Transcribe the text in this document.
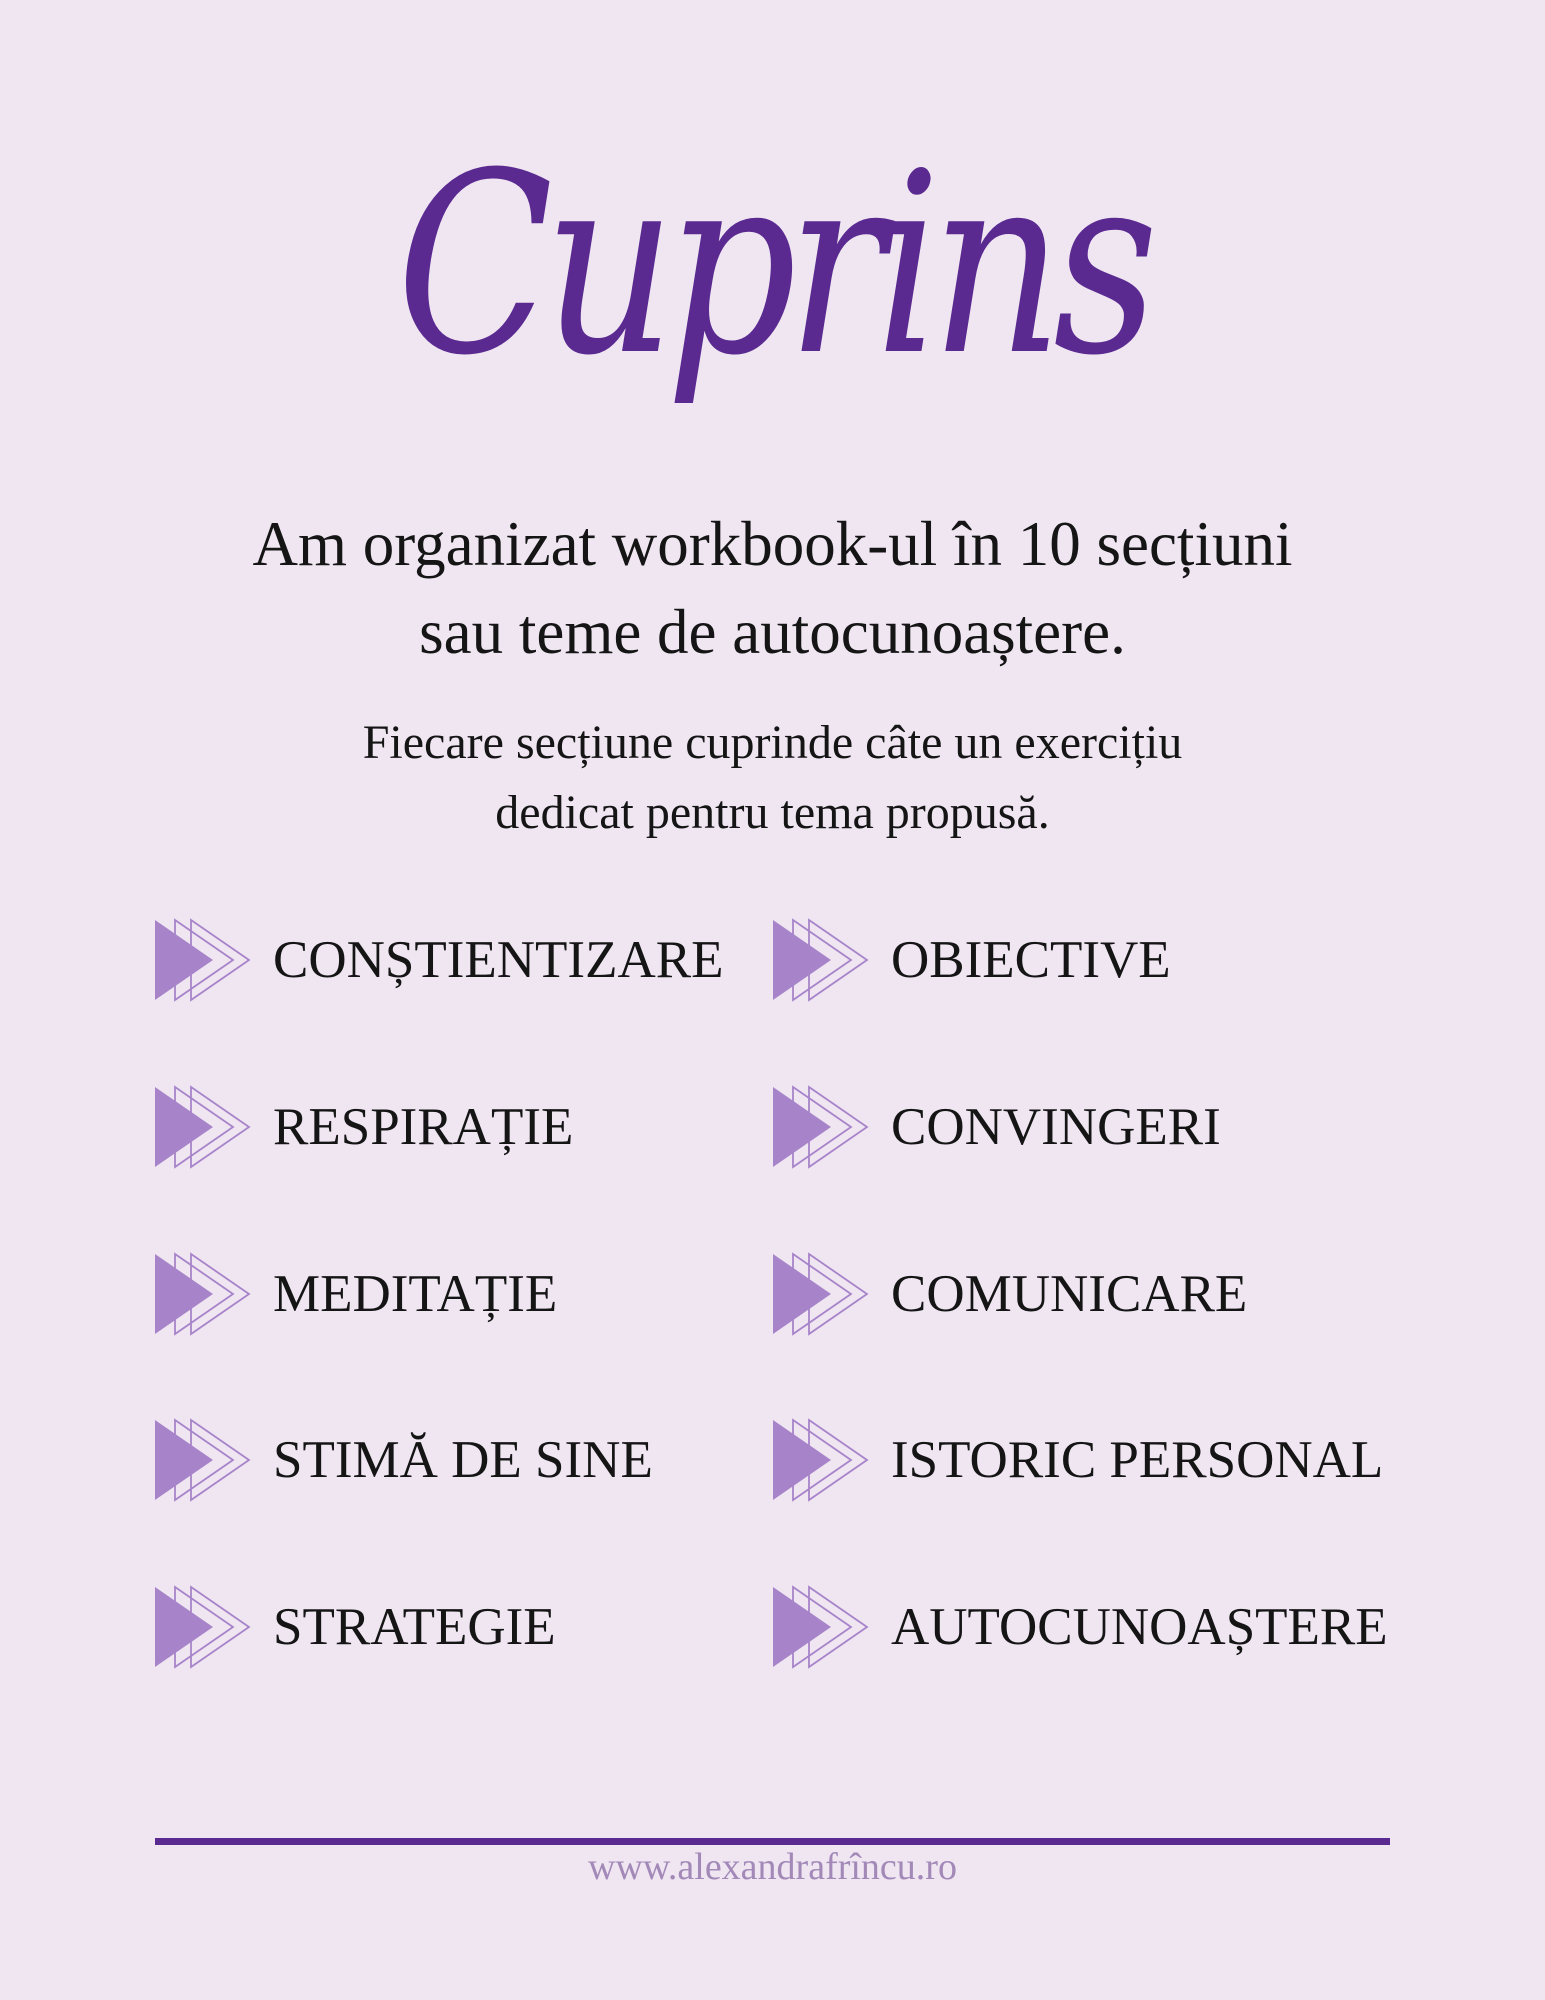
Cuprins

Am organizat workbook-ul în 10 secțiuni
sau teme de autocunoaștere.

Fiecare secțiune cuprinde câte un exercițiu
dedicat pentru tema propusă.

CONȘTIENTIZARE
RESPIRAȚIE
MEDITAȚIE
STIMĂ DE SINE
STRATEGIE
OBIECTIVE
CONVINGERI
COMUNICARE
ISTORIC PERSONAL
AUTOCUNOAȘTERE
www.alexandrafrîncu.ro
